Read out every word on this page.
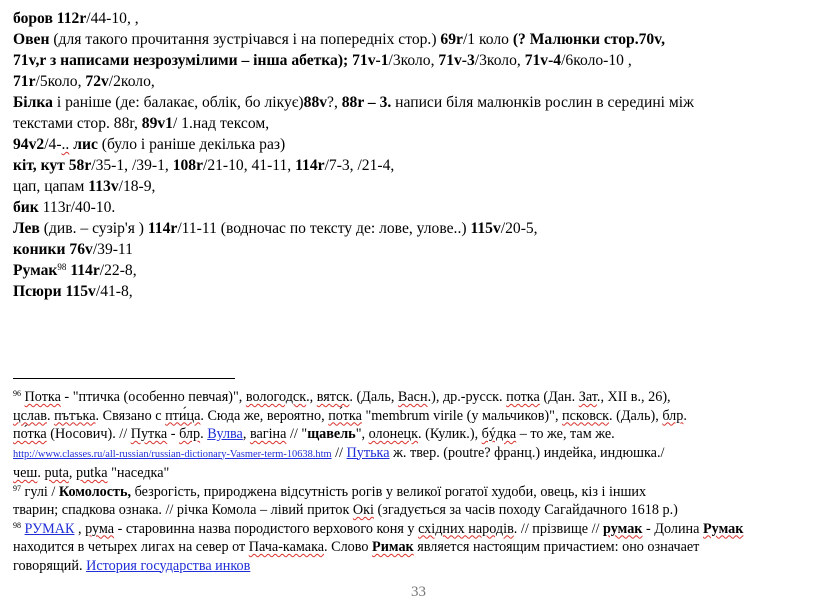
боров 112r/44-10, ,

Овен (для такого прочитання зустрічався і на попередніх стор.) 69r/1 коло (? Малюнки стор.70v,

71v,r з написами незрозумілими – інша абетка); 71v-1/3коло, 71v-3/3коло, 71v-4/6коло-10 ,

71r/5коло, 72v/2коло,

Білка і раніше (де: балакає, облік, бо лікує)88v?, 88r – 3. написи біля малюнків рослин в середині між

текстами стор. 88r, 89v1/ 1.над тексом,

94v2/4-.. лис (було і раніше декілька раз)

кіт, кут 58r/35-1, /39-1, 108r/21-10, 41-11, 114r/7-3, /21-4,

цап, цапам 113v/18-9,

бик 113r/40-10.

Лев (див. – сузір'я ) 114r/11-11 (водночас по тексту де: лове, улове..) 115v/20-5,

коники 76v/39-11

Румак$^{98}$ 114r/22-8,

Псюри 115v/41-8,

$^{96}$ Потка - "птичка (особенно певчая)", вологодск., вятск. (Даль, Васн.), др.-русск. потка (Дан. Зат., XII в., 26),

цслав. пътъка. Связано с пти́ца. Сюда же, вероятно, по́тка "membrum virile (у мальчиков)", псковск. (Даль), блр.

по́тка (Носович). // Путка - блр. Вулва, вагіна // "щавель", олонецк. (Кулик.), бýдка – то же, там же.

http://www.classes.ru/all-russian/russian-dictionary-Vasmer-term-10638.htm // Путька ж. твер. (poutre? франц.) индейка, индюшка./

чеш. puta, putka "наседка"

$^{97}$ гулі / Комолость, безрогість, природжена відсутність рогів у великої рогатої худоби, овець, кіз і інших

тварин; спадкова ознака. // річка Комола – лівий приток Окі (згадується за часів походу Сагайдачного 1618 р.)

$^{98}$ РУМАК , рума - старовинна назва породистого верхового коня у східних народів. // прізвище // румак - Долина Румак

находится в четырех лигах на север от Пача-камака. Слово Римак является настоящим причастием: оно означает

говорящий. История государства инков

33
